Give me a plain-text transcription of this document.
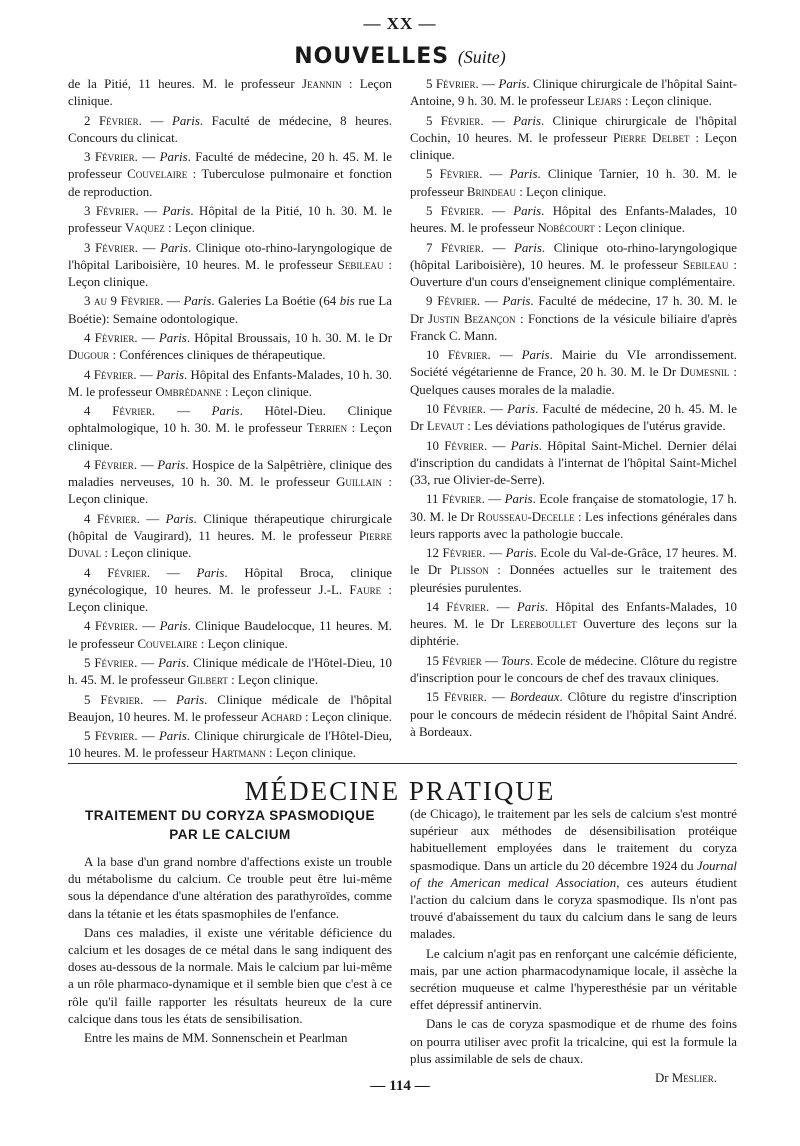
— XX —
NOUVELLES (Suite)
de la Pitié, 11 heures. M. le professeur Jeannin : Leçon clinique.
2 Février. — Paris. Faculté de médecine, 8 heures. Concours du clinicat.
3 Février. — Paris. Faculté de médecine, 20 h. 45. M. le professeur Couvelaire : Tuberculose pulmonaire et fonction de reproduction.
3 Février. — Paris. Hôpital de la Pitié, 10 h. 30. M. le professeur Vaquez : Leçon clinique.
3 Février. — Paris. Clinique oto-rhino-laryngologique de l'hôpital Lariboisière, 10 heures. M. le professeur Sebileau : Leçon clinique.
3 au 9 Février. — Paris. Galeries La Boétie (64 bis rue La Boétie): Semaine odontologique.
4 Février. — Paris. Hôpital Broussais, 10 h. 30. M. le Dr Dugour : Conférences cliniques de thérapeutique.
4 Février. — Paris. Hôpital des Enfants-Malades, 10 h. 30. M. le professeur Ombrédanne : Leçon clinique.
4 Février. — Paris. Hôtel-Dieu. Clinique ophtalmologique, 10 h. 30. M. le professeur Terrien : Leçon clinique.
4 Février. — Paris. Hospice de la Salpêtrière, clinique des maladies nerveuses, 10 h. 30. M. le professeur Guillain : Leçon clinique.
4 Février. — Paris. Clinique thérapeutique chirurgicale (hôpital de Vaugirard), 11 heures. M. le professeur Pierre Duval : Leçon clinique.
4 Février. — Paris. Hôpital Broca, clinique gynécologique, 10 heures. M. le professeur J.-L. Faure : Leçon clinique.
4 Février. — Paris. Clinique Baudelocque, 11 heures. M. le professeur Couvelaire : Leçon clinique.
5 Février. — Paris. Clinique médicale de l'Hôtel-Dieu, 10 h. 45. M. le professeur Gilbert : Leçon clinique.
5 Février. — Paris. Clinique médicale de l'hôpital Beaujon, 10 heures. M. le professeur Achard : Leçon clinique.
5 Février. — Paris. Clinique chirurgicale de l'Hôtel-Dieu, 10 heures. M. le professeur Hartmann : Leçon clinique.
5 Février. — Paris. Clinique chirurgicale de l'hôpital Saint-Antoine, 9 h. 30. M. le professeur Lejars : Leçon clinique.
5 Février. — Paris. Clinique chirurgicale de l'hôpital Cochin, 10 heures. M. le professeur Pierre Delbet : Leçon clinique.
5 Février. — Paris. Clinique Tarnier, 10 h. 30. M. le professeur Brindeau : Leçon clinique.
5 Février. — Paris. Hôpital des Enfants-Malades, 10 heures. M. le professeur Nobécourt : Leçon clinique.
7 Février. — Paris. Clinique oto-rhino-laryngologique (hôpital Lariboisière), 10 heures. M. le professeur Sebileau : Ouverture d'un cours d'enseignement clinique complémentaire.
9 Février. — Paris. Faculté de médecine, 17 h. 30. M. le Dr Justin Bezançon : Fonctions de la vésicule biliaire d'après Franck C. Mann.
10 Février. — Paris. Mairie du VIe arrondissement. Société végétarienne de France, 20 h. 30. M. le Dr Dumesnil : Quelques causes morales de la maladie.
10 Février. — Paris. Faculté de médecine, 20 h. 45. M. le Dr Levaut : Les déviations pathologiques de l'utérus gravide.
10 Février. — Paris. Hôpital Saint-Michel. Dernier délai d'inscription du candidats à l'internat de l'hôpital Saint-Michel (33, rue Olivier-de-Serre).
11 Février. — Paris. Ecole française de stomatologie, 17 h. 30. M. le Dr Rousseau-Decelle : Les infections générales dans leurs rapports avec la pathologie buccale.
12 Février. — Paris. Ecole du Val-de-Grâce, 17 heures. M. le Dr Plisson : Données actuelles sur le traitement des pleurésies purulentes.
14 Février. — Paris. Hôpital des Enfants-Malades, 10 heures. M. le Dr Lereboullet Ouverture des leçons sur la diphtérie.
15 Février — Tours. Ecole de médecine. Clôture du registre d'inscription pour le concours de chef des travaux cliniques.
15 Février. — Bordeaux. Clôture du registre d'inscription pour le concours de médecin résident de l'hôpital Saint André. à Bordeaux.
MÉDECINE PRATIQUE
TRAITEMENT DU CORYZA SPASMODIQUE
PAR LE CALCIUM
A la base d'un grand nombre d'affections existe un trouble du métabolisme du calcium. Ce trouble peut être lui-même sous la dépendance d'une altération des parathyroïdes, comme dans la tétanie et les états spasmophiles de l'enfance.
Dans ces maladies, il existe une véritable déficience du calcium et les dosages de ce métal dans le sang indiquent des doses au-dessous de la normale. Mais le calcium par lui-même a un rôle pharmaco-dynamique et il semble bien que c'est à ce rôle qu'il faille rapporter les résultats heureux de la cure calcique dans tous les états de sensibilisation.
Entre les mains de MM. Sonnenschein et Pearlman
(de Chicago), le traitement par les sels de calcium s'est montré supérieur aux méthodes de désensibilisation protéique habituellement employées dans le traitement du coryza spasmodique. Dans un article du 20 décembre 1924 du Journal of the American medical Association, ces auteurs étudient l'action du calcium dans le coryza spasmodique. Ils n'ont pas trouvé d'abaissement du taux du calcium dans le sang de leurs malades.
Le calcium n'agit pas en renforçant une calcémie déficiente, mais, par une action pharmacodynamique locale, il assèche la secrétion muqueuse et calme l'hyperesthésie par un véritable effet dépressif antinervin.
Dans le cas de coryza spasmodique et de rhume des foins on pourra utiliser avec profit la tricalcine, qui est la formule la plus assimilable de sels de chaux.
Dr Meslier.
— 114 —
